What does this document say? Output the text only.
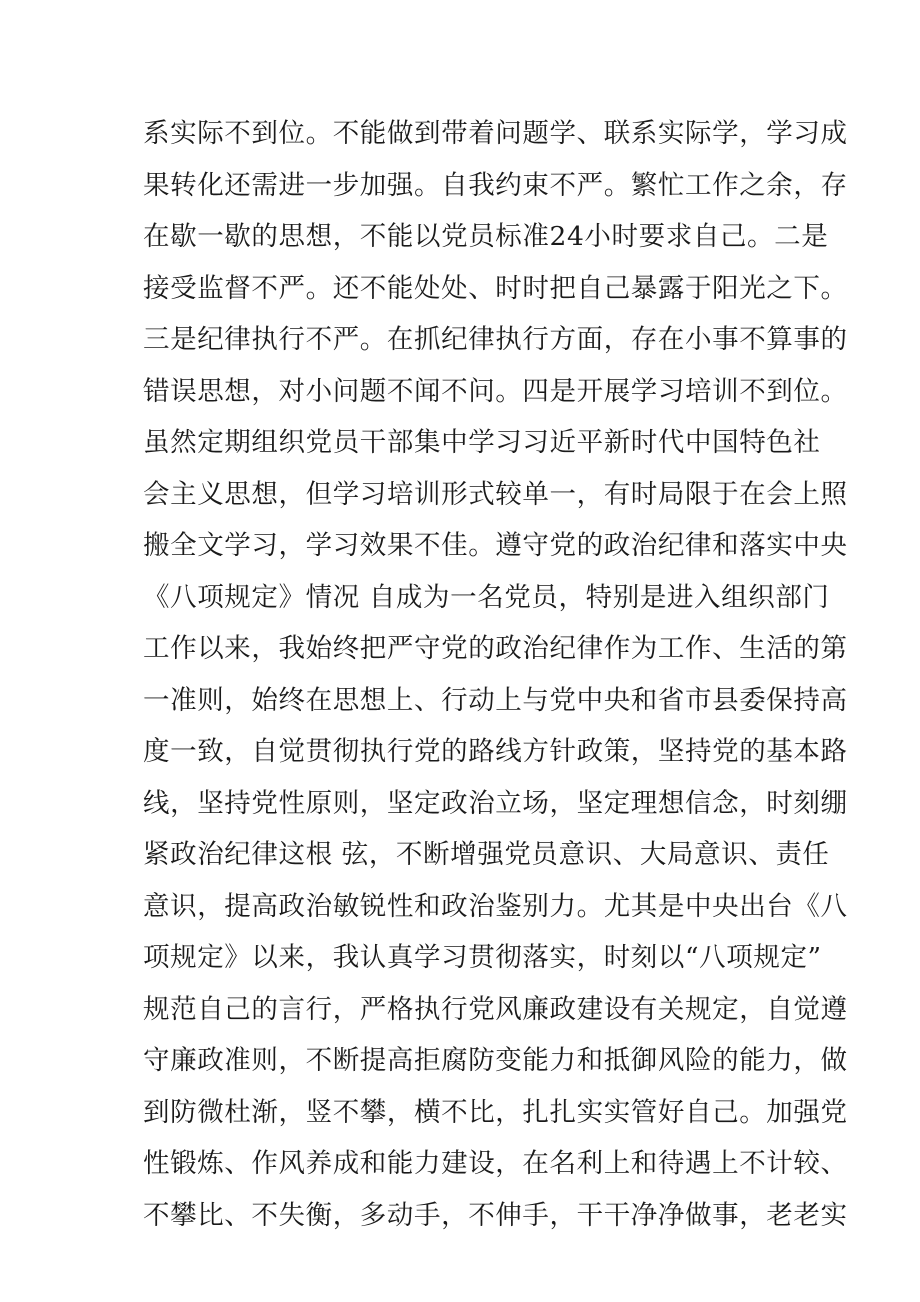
系实际不到位。不能做到带着问题学、联系实际学，学习成
果转化还需进一步加强。自我约束不严。繁忙工作之余，存
在歇一歇的思想，不能以党员标准24小时要求自己。二是
接受监督不严。还不能处处、时时把自己暴露于阳光之下。
三是纪律执行不严。在抓纪律执行方面，存在小事不算事的
错误思想，对小问题不闻不问。四是开展学习培训不到位。
虽然定期组织党员干部集中学习习近平新时代中国特色社
会主义思想，但学习培训形式较单一，有时局限于在会上照
搬全文学习，学习效果不佳。遵守党的政治纪律和落实中央
《八项规定》情况 自成为一名党员，特别是进入组织部门
工作以来，我始终把严守党的政治纪律作为工作、生活的第
一准则，始终在思想上、行动上与党中央和省市县委保持高
度一致，自觉贯彻执行党的路线方针政策，坚持党的基本路
线，坚持党性原则，坚定政治立场，坚定理想信念，时刻绷
紧政治纪律这根 弦，不断增强党员意识、大局意识、责任
意识，提高政治敏锐性和政治鉴别力。尤其是中央出台《八
项规定》以来，我认真学习贯彻落实，时刻以“八项规定”
规范自己的言行，严格执行党风廉政建设有关规定，自觉遵
守廉政准则，不断提高拒腐防变能力和抵御风险的能力，做
到防微杜渐，竖不攀，横不比，扎扎实实管好自己。加强党
性锻炼、作风养成和能力建设，在名利上和待遇上不计较、
不攀比、不失衡，多动手，不伸手，干干净净做事，老老实
